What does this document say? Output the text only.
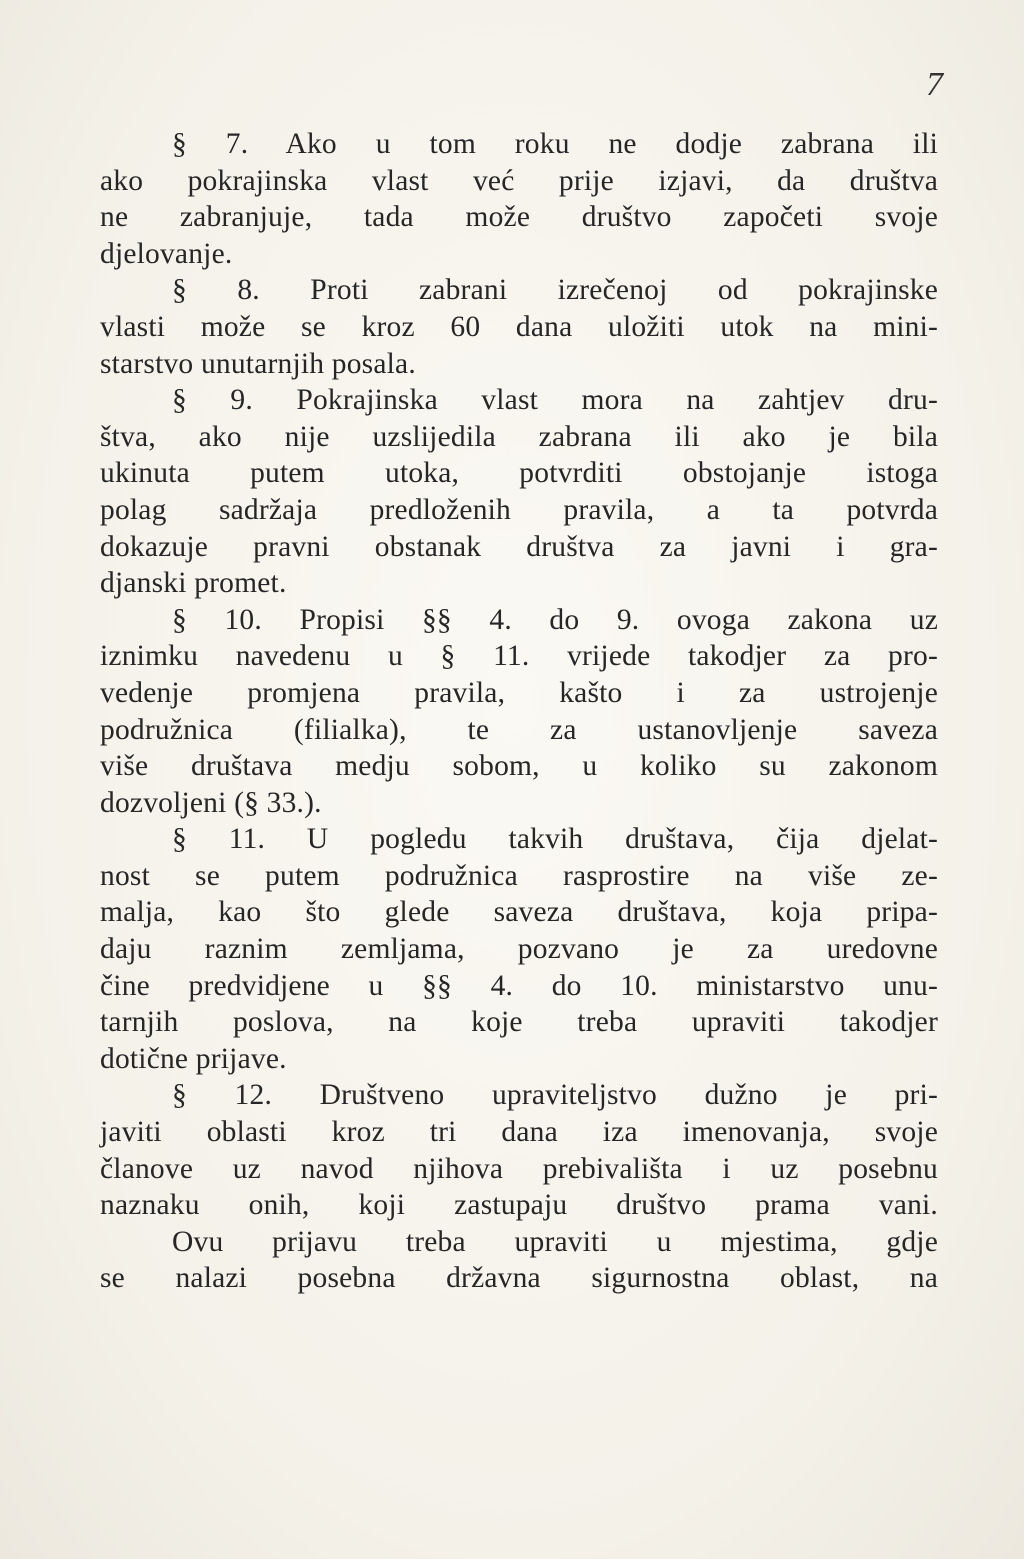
7

§ 7. Ako u tom roku ne dodje zabrana ili
ako pokrajinska vlast već prije izjavi, da društva
ne zabranjuje, tada može društvo započeti svoje
djelovanje.

§ 8. Proti zabrani izrečenoj od pokrajinske
vlasti može se kroz 60 dana uložiti utok na mini-
starstvo unutarnjih posala.

§ 9. Pokrajinska vlast mora na zahtjev dru-
štva, ako nije uzslijedila zabrana ili ako je bila
ukinuta putem utoka, potvrditi obstojanje istoga
polag sadržaja predloženih pravila, a ta potvrda
dokazuje pravni obstanak društva za javni i gra-
djanski promet.

§ 10. Propisi §§ 4. do 9. ovoga zakona uz
iznimku navedenu u § 11. vrijede takodjer za pro-
vedenje promjena pravila, kašto i za ustrojenje
podružnica (filialka), te za ustanovljenje saveza
više društava medju sobom, u koliko su zakonom
dozvoljeni (§ 33.).

§ 11. U pogledu takvih društava, čija djelat-
nost se putem podružnica rasprostire na više ze-
malja, kao što glede saveza društava, koja pripa-
daju raznim zemljama, pozvano je za uredovne
čine predvidjene u §§ 4. do 10. ministarstvo unu-
tarnjih poslova, na koje treba upraviti takodjer
dotične prijave.

§ 12. Društveno upraviteljstvo dužno je pri-
javiti oblasti kroz tri dana iza imenovanja, svoje
članove uz navod njihova prebivališta i uz posebnu
naznaku onih, koji zastupaju društvo prama vani.

Ovu prijavu treba upraviti u mjestima, gdje
se nalazi posebna državna sigurnostna oblast, na
